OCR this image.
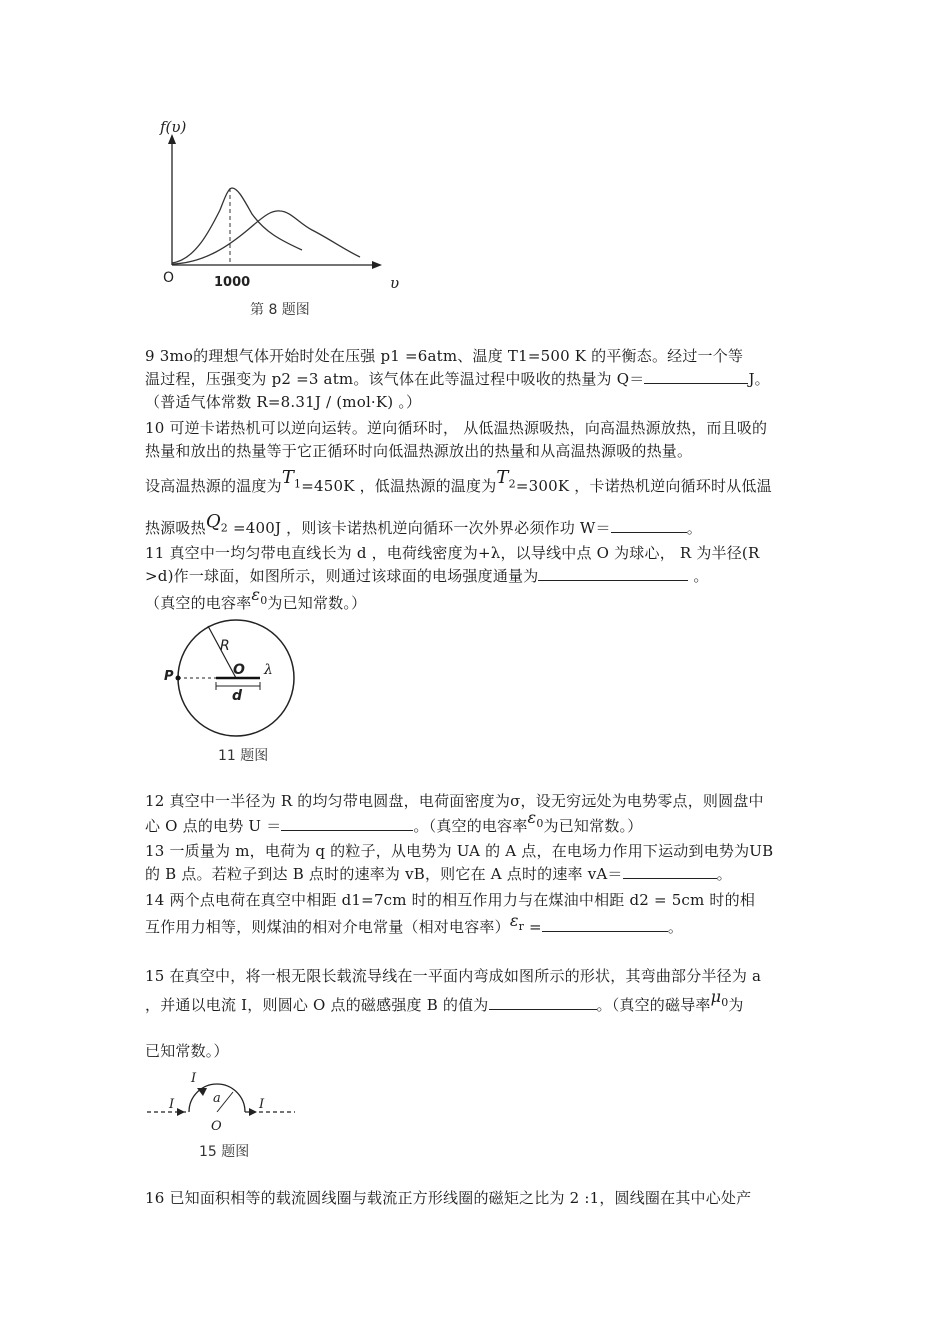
f(υ)
O	1000	υ
第 8 题图
9 3mo的理想气体开始时处在压强 p1 =6atm、温度 T1=500 K 的平衡态。经过一个等
温过程，压强变为 p2 =3 atm。该气体在此等温过程中吸收的热量为 Q＝	J。
（普适气体常数 R=8.31J / (mol·K) 。）
10 可逆卡诺热机可以逆向运转。逆向循环时， 从低温热源吸热，向高温热源放热，而且吸的
热量和放出的热量等于它正循环时向低温热源放出的热量和从高温热源吸的热量。
设高温热源的温度为$T_1=450K$ ，低温热源的温度为$T_2=300K$ ，卡诺热机逆向循环时从低温
热源吸热$Q_2 =400J$ ，则该卡诺热机逆向循环一次外界必须作功 W＝	。
11 真空中一均匀带电直线长为 d ，电荷线密度为+λ，以导线中点 O 为球心， R 为半径(R
>d)作一球面，如图所示，则通过该球面的电场强度通量为	。
（真空的电容率$\varepsilon_0$为已知常数。）
R
O λ
P
d
11 题图
12 真空中一半径为 R 的均匀带电圆盘，电荷面密度为σ，设无穷远处为电势零点，则圆盘中
心 O 点的电势 U ＝	。（真空的电容率$\varepsilon_0$为已知常数。）
13 一质量为 m，电荷为 q 的粒子，从电势为 UA 的 A 点，在电场力作用下运动到电势为UB
的 B 点。若粒子到达 B 点时的速率为 vB，则它在 A 点时的速率 vA＝	。
14 两个点电荷在真空中相距 d1=7cm 时的相互作用力与在煤油中相距 d2 = 5cm 时的相
互作用力相等，则煤油的相对介电常量（相对电容率）$\varepsilon_r$ =	。
15 在真空中，将一根无限长载流导线在一平面内弯成如图所示的形状，其弯曲部分半径为 a
，并通以电流 I，则圆心 O 点的磁感强度 B 的值为	。（真空的磁导率$\mu_0$为
已知常数。）
I
I	I
a
O
15 题图
16 已知面积相等的载流圆线圈与载流正方形线圈的磁矩之比为 2 :1，圆线圈在其中心处产
